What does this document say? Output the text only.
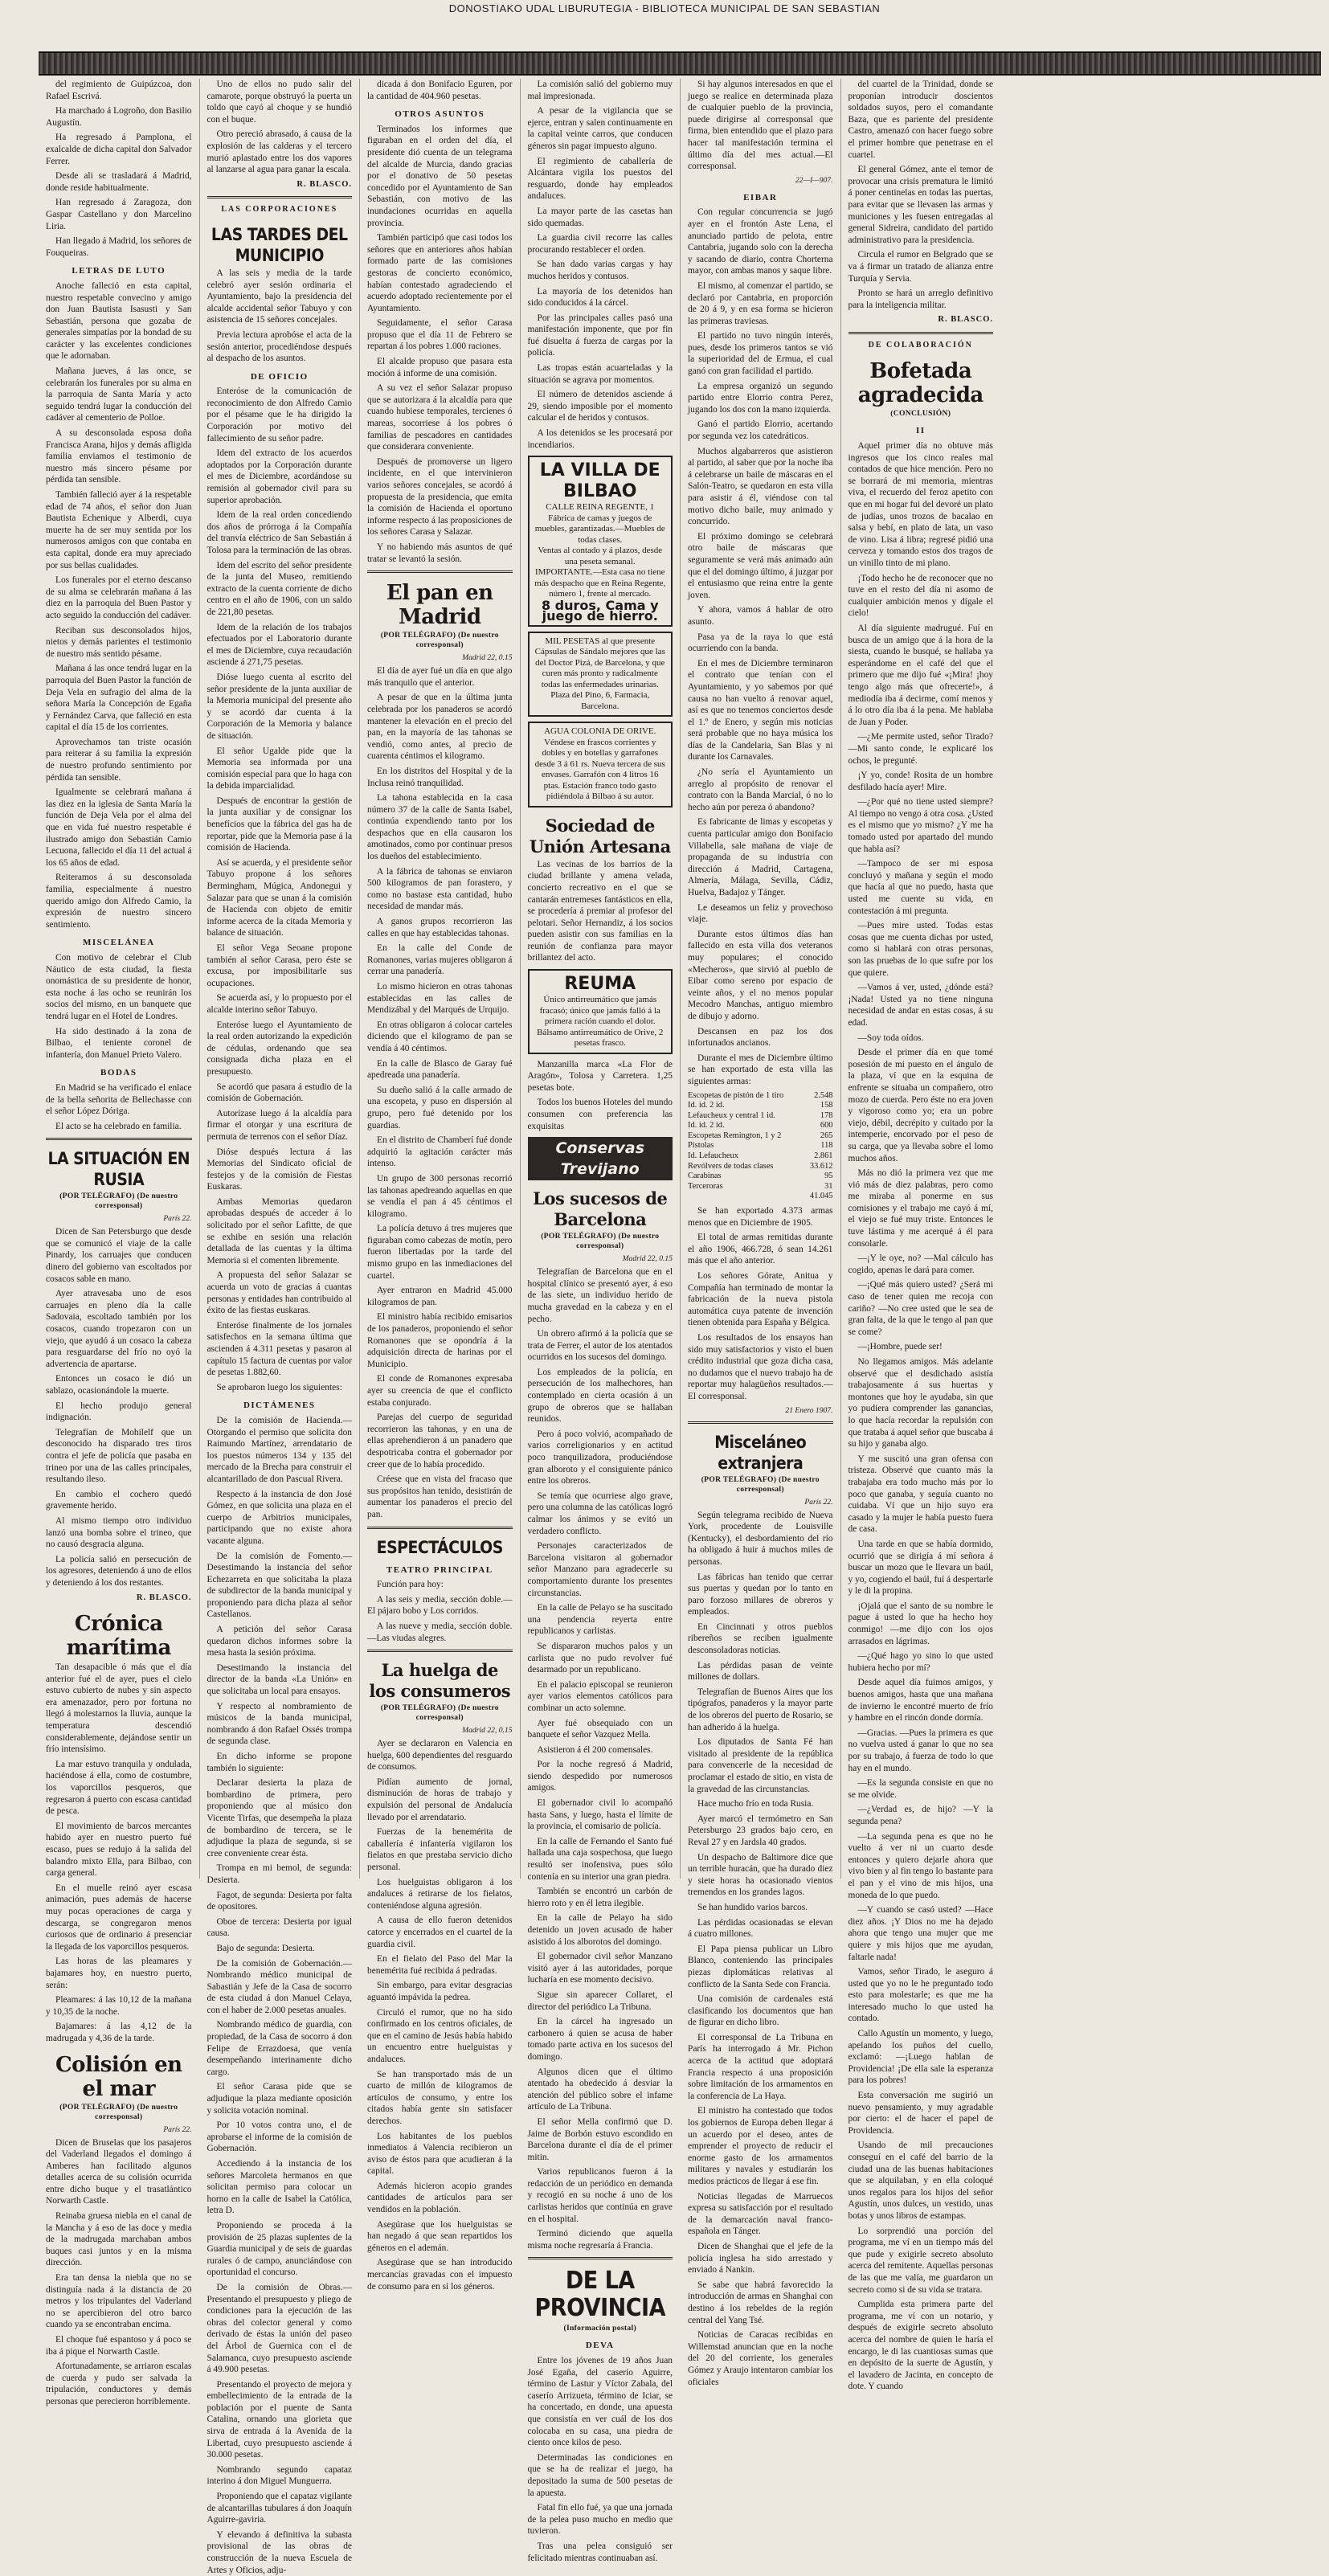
DONOSTIAKO UDAL LIBURUTEGIA - BIBLIOTECA MUNICIPAL DE SAN SEBASTIAN

del regimiento de Guipúzcoa, don Rafael Escrivá.

Ha marchado á Logroño, don Basilio Augustín.

Ha regresado á Pamplona, el exalcalde de dicha capital don Salvador Ferrer.

Desde ali se trasladará á Madrid, donde reside habitualmente.

Han regresado á Zaragoza, don Gaspar Castellano y don Marcelino Liria.

Han llegado á Madrid, los señores de Fouqueiras.

LETRAS DE LUTO

Anoche falleció en esta capital, nuestro respetable convecino y amigo don Juan Bautista Isasusti y San Sebastián, persona que gozaba de generales simpatías por la bondad de su carácter y las excelentes condiciones que le adornaban.

Mañana jueves, á las once, se celebrarán los funerales por su alma en la parroquia de Santa María y acto seguido tendrá lugar la conducción del cadáver al cementerio de Polloe.

A su desconsolada esposa doña Francisca Arana, hijos y demás afligida familia enviamos el testimonio de nuestro más sincero pésame por pérdida tan sensible.

También falleció ayer á la respetable edad de 74 años, el señor don Juan Bautista Echenique y Alberdi, cuya muerte ha de ser muy sentida por los numerosos amigos con que contaba en esta capital, donde era muy apreciado por sus bellas cualidades.

Los funerales por el eterno descanso de su alma se celebrarán mañana á las diez en la parroquia del Buen Pastor y acto seguido la conducción del cadáver.

Reciban sus desconsolados hijos, nietos y demás parientes el testimonio de nuestro más sentido pésame.

Mañana á las once tendrá lugar en la parroquia del Buen Pastor la función de Deja Vela en sufragio del alma de la señora María la Concepción de Egaña y Fernández Carva, que falleció en esta capital el día 15 de los corrientes.

Aprovechamos tan triste ocasión para reiterar á su familia la expresión de nuestro profundo sentimiento por pérdida tan sensible.

Igualmente se celebrará mañana á las diez en la iglesia de Santa María la función de Deja Vela por el alma del que en vida fué nuestro respetable é ilustrado amigo don Sebastián Camio Lecuona, fallecido el día 11 del actual á los 65 años de edad.

Reiteramos á su desconsolada familia, especialmente á nuestro querido amigo don Alfredo Camio, la expresión de nuestro sincero sentimiento.

MISCELÁNEA

Con motivo de celebrar el Club Náutico de esta ciudad, la fiesta onomástica de su presidente de honor, esta noche á las ocho se reunirán los socios del mismo, en un banquete que tendrá lugar en el Hotel de Londres.

Ha sido destinado á la zona de Bilbao, el teniente coronel de infantería, don Manuel Prieto Valero.

BODAS

En Madrid se ha verificado el enlace de la bella señorita de Bellechasse con el señor López Dóriga.

El acto se ha celebrado en familia.

LA SITUACIÓN EN RUSIA
(POR TELÉGRAFO) (De nuestro corresponsal)
París 22.

Dicen de San Petersburgo que desde que se comunicó el viaje de la calle Pinardy, los carruajes que conducen dinero del gobierno van escoltados por cosacos sable en mano.

Ayer atravesaba uno de esos carruajes en pleno día la calle Sadovaia, escoltado también por los cosacos, cuando tropezaron con un viejo, que ayudó á un cosaco la cabeza para resguardarse del frío no oyó la advertencia de apartarse.

Entonces un cosaco le dió un sablazo, ocasionándole la muerte.

El hecho produjo general indignación.

Telegrafían de Mohilelf que un desconocido ha disparado tres tiros contra el jefe de policía que pasaba en trineo por una de las calles principales, resultando ileso.

En cambio el cochero quedó gravemente herido.

Al mismo tiempo otro individuo lanzó una bomba sobre el trineo, que no causó desgracia alguna.

La policía salió en persecución de los agresores, deteniendo á uno de ellos y deteniendo á los dos restantes.

R. BLASCO.
Crónica marítima

Tan desapacible ó más que el día anterior fué el de ayer, pues el cielo estuvo cubierto de nubes y sin aspecto era amenazador, pero por fortuna no llegó á molestarnos la lluvia, aunque la temperatura descendió considerablemente, dejándose sentir un frío intensísimo.

La mar estuvo tranquila y ondulada, haciéndose á ella, como de costumbre, los vaporcillos pesqueros, que regresaron á puerto con escasa cantidad de pesca.

El movimiento de barcos mercantes habido ayer en nuestro puerto fué escaso, pues se redujo á la salida del balandro mixto Ella, para Bilbao, con carga general.

En el muelle reinó ayer escasa animación, pues además de hacerse muy pocas operaciones de carga y descarga, se congregaron menos curiosos que de ordinario á presenciar la llegada de los vaporcillos pesqueros.

Las horas de las pleamares y bajamares hoy, en nuestro puerto, serán:

Pleamares: á las 10,12 de la mañana y 10,35 de la noche.

Bajamares: á las 4,12 de la madrugada y 4,36 de la tarde.

Colisión en el mar
(POR TELÉGRAFO) (De nuestro corresponsal)
París 22.

Dicen de Bruselas que los pasajeros del Vaderland llegados el domingo á Amberes han facilitado algunos detalles acerca de su colisión ocurrida entre dicho buque y el trasatlántico Norwarth Castle.

Reinaba gruesa niebla en el canal de la Mancha y á eso de las doce y media de la madrugada marchaban ambos buques casi juntos y en la misma dirección.

Era tan densa la niebla que no se distinguía nada á la distancia de 20 metros y los tripulantes del Vaderland no se apercibieron del otro barco cuando ya se encontraban encima.

El choque fué espantoso y á poco se iba á pique el Norwarth Castle.

Afortunadamente, se arriaron escalas de cuerda y pudo ser salvada la tripulación, conductores y demás personas que perecieron horriblemente.

Uno de ellos no pudo salir del camarote, porque obstruyó la puerta un toldo que cayó al choque y se hundió con el buque.

Otro pereció abrasado, á causa de la explosión de las calderas y el tercero murió aplastado entre los dos vapores al lanzarse al agua para ganar la escala.

R. BLASCO.
LAS CORPORACIONES
LAS TARDES DEL MUNICIPIO

A las seis y media de la tarde celebró ayer sesión ordinaria el Ayuntamiento, bajo la presidencia del alcalde accidental señor Tabuyo y con asistencia de 15 señores concejales.

Previa lectura aprobóse el acta de la sesión anterior, procediéndose después al despacho de los asuntos.

DE OFICIO

Enteróse de la comunicación de reconocimiento de don Alfredo Camio por el pésame que le ha dirigido la Corporación por motivo del fallecimiento de su señor padre.

Idem del extracto de los acuerdos adoptados por la Corporación durante el mes de Diciembre, acordándose su remisión al gobernador civil para su superior aprobación.

Idem de la real orden concediendo dos años de prórroga á la Compañía del tranvía eléctrico de San Sebastián á Tolosa para la terminación de las obras.

Idem del escrito del señor presidente de la junta del Museo, remitiendo extracto de la cuenta corriente de dicho centro en el año de 1906, con un saldo de 221,80 pesetas.

Idem de la relación de los trabajos efectuados por el Laboratorio durante el mes de Diciembre, cuya recaudación asciende á 271,75 pesetas.

Dióse luego cuenta al escrito del señor presidente de la junta auxiliar de la Memoria municipal del presente año y se acordó dar cuenta á la Corporación de la Memoria y balance de situación.

El señor Ugalde pide que la Memoria sea informada por una comisión especial para que lo haga con la debida imparcialidad.

Después de encontrar la gestión de la junta auxiliar y de consignar los benefícios que la fábrica del gas ha de reportar, pide que la Memoria pase á la comisión de Hacienda.

Así se acuerda, y el presidente señor Tabuyo propone á los señores Bermingham, Múgica, Andonegui y Salazar para que se unan á la comisión de Hacienda con objeto de emitir informe acerca de la citada Memoria y balance de situación.

El señor Vega Seoane propone también al señor Carasa, pero éste se excusa, por imposibilitarle sus ocupaciones.

Se acuerda así, y lo propuesto por el alcalde interino señor Tabuyo.

Enteróse luego el Ayuntamiento de la real orden autorizando la expedición de cédulas, ordenando que sea consignada dicha plaza en el presupuesto.

Se acordó que pasara á estudio de la comisión de Gobernación.

Autorízase luego á la alcaldía para firmar el otorgar y una escritura de permuta de terrenos con el señor Díaz.

Dióse después lectura á las Memorias del Sindicato oficial de festejos y de la comisión de Fiestas Euskaras.

Ambas Memorias quedaron aprobadas después de acceder á lo solicitado por el señor Lafitte, de que se exhibe en sesión una relación detallada de las cuentas y la última Memoria si el comenten libremente.

A propuesta del señor Salazar se acuerda un voto de gracias á cuantas personas y entidades han contribuido al éxito de las fiestas euskaras.

Enteróse finalmente de los jornales satisfechos en la semana última que ascienden á 4.311 pesetas y pasaron al capítulo 15 factura de cuentas por valor de pesetas 1.882,60.

Se aprobaron luego los siguientes:

DICTÁMENES

De la comisión de Hacienda.—Otorgando el permiso que solicita don Raimundo Martínez, arrendatario de los puestos números 134 y 135 del mercado de la Brecha para construir el alcantarillado de don Pascual Rivera.

Respecto á la instancia de don José Gómez, en que solicita una plaza en el cuerpo de Arbitrios municipales, participando que no existe ahora vacante alguna.

De la comisión de Fomento.—Desestimando la instancia del señor Echezarreta en que solicitaba la plaza de subdirector de la banda municipal y proponiendo para dicha plaza al señor Castellanos.

A petición del señor Carasa quedaron dichos informes sobre la mesa hasta la sesión próxima.

Desestimando la instancia del director de la banda «La Unión» en que solicitaba un local para ensayos.

Y respecto al nombramiento de músicos de la banda municipal, nombrando á don Rafael Ossés trompa de segunda clase.

En dicho informe se propone también lo siguiente:

Declarar desierta la plaza de bombardino de primera, pero proponiendo que al músico don Vicente Tirfas, que desempeña la plaza de bombardino de tercera, se le adjudique la plaza de segunda, si se cree conveniente crear ésta.

Trompa en mi bemol, de segunda: Desierta.

Fagot, de segunda: Desierta por falta de opositores.

Oboe de tercera: Desierta por igual causa.

Bajo de segunda: Desierta.

De la comisión de Gobernación.—Nombrando médico municipal de Sabastián y Jefe de la Casa de socorro de esta ciudad á don Manuel Celaya, con el haber de 2.000 pesetas anuales.

Nombrando médico de guardia, con propiedad, de la Casa de socorro á don Felipe de Errazdoesa, que venía desempeñando interinamente dicho cargo.

El señor Carasa pide que se adjudique la plaza mediante oposición y solicita votación nominal.

Por 10 votos contra uno, el de aprobarse el informe de la comisión de Gobernación.

Accediendo á la instancia de los señores Marcoleta hermanos en que solicitan permiso para colocar un horno en la calle de Isabel la Católica, letra D.

Proponiendo se proceda á la provisión de 25 plazas suplentes de la Guardia municipal y de seis de guardas rurales ó de campo, anunciándose con oportunidad el concurso.

De la comisión de Obras.—Presentando el presupuesto y pliego de condiciones para la ejecución de las obras del colector general y como derivado de éstas la unión del paseo del Árbol de Guernica con el de Salamanca, cuyo presupuesto asciende á 49.900 pesetas.

Presentando el proyecto de mejora y embellecimiento de la entrada de la población por el puente de Santa Catalina, ornando una glorieta que sirva de entrada á la Avenida de la Libertad, cuyo presupuesto asciende á 30.000 pesetas.

Nombrando segundo capataz interino á don Miguel Munguerra.

Proponiendo que el capataz vigilante de alcantarillas tubulares á don Joaquín Aguirre-gaviria.

Y elevando á definitiva la subasta provisional de las obras de construcción de la nueva Escuela de Artes y Oficios, adju-

dicada á don Bonifacio Eguren, por la cantidad de 404.960 pesetas.

OTROS ASUNTOS

Terminados los informes que figuraban en el orden del día, el presidente dió cuenta de un telegrama del alcalde de Murcia, dando gracias por el donativo de 50 pesetas concedido por el Ayuntamiento de San Sebastián, con motivo de las inundaciones ocurridas en aquella provincia.

También participó que casi todos los señores que en anteriores años habían formado parte de las comisiones gestoras de concierto económico, habían contestado agradeciendo el acuerdo adoptado recientemente por el Ayuntamiento.

Seguidamente, el señor Carasa propuso que el día 11 de Febrero se repartan á los pobres 1.000 raciones.

El alcalde propuso que pasara esta moción á informe de una comisión.

A su vez el señor Salazar propuso que se autorizara á la alcaldía para que cuando hubiese temporales, tercienes ó mareas, socorriese á los pobres ó familias de pescadores en cantidades que considerara conveniente.

Después de promoverse un ligero incidente, en el que intervinieron varios señores concejales, se acordó á propuesta de la presidencia, que emita la comisión de Hacienda el oportuno informe respecto á las proposiciones de los señores Carasa y Salazar.

Y no habiendo más asuntos de qué tratar se levantó la sesión.

El pan en Madrid
(POR TELÉGRAFO) (De nuestro corresponsal)
Madrid 22, 0.15

El día de ayer fué un día en que algo más tranquilo que el anterior.

A pesar de que en la última junta celebrada por los panaderos se acordó mantener la elevación en el precio del pan, en la mayoría de las tahonas se vendió, como antes, al precio de cuarenta céntimos el kilogramo.

En los distritos del Hospital y de la Inclusa reinó tranquilidad.

La tahona establecida en la casa número 37 de la calle de Santa Isabel, continúa expendiendo tanto por los despachos que en ella causaron los amotinados, como por continuar presos los dueños del establecimiento.

A la fábrica de tahonas se enviaron 500 kilogramos de pan forastero, y como no bastase esta cantidad, hubo necesidad de mandar más.

A ganos grupos recorrieron las calles en que hay establecidas tahonas.

En la calle del Conde de Romanones, varias mujeres obligaron á cerrar una panadería.

Lo mismo hicieron en otras tahonas establecidas en las calles de Mendizábal y del Marqués de Urquijo.

En otras obligaron á colocar carteles diciendo que el kilogramo de pan se vendía á 40 céntimos.

En la calle de Blasco de Garay fué apedreada una panadería.

Su dueño salió á la calle armado de una escopeta, y puso en dispersión al grupo, pero fué detenido por los guardias.

En el distrito de Chamberí fué donde adquirió la agitación carácter más intenso.

Un grupo de 300 personas recorrió las tahonas apedreando aquellas en que se vendía el pan á 45 céntimos el kilogramo.

La policía detuvo á tres mujeres que figuraban como cabezas de motín, pero fueron libertadas por la tarde del mismo grupo en las inmediaciones del cuartel.

Ayer entraron en Madrid 45.000 kilogramos de pan.

El ministro había recibido emisarios de los panaderos, proponiendo el señor Romanones que se opondría á la adquisición directa de harinas por el Municipio.

El conde de Romanones expresaba ayer su creencia de que el conflicto estaba conjurado.

Parejas del cuerpo de seguridad recorrieron las tahonas, y en una de ellas aprehendieron á un panadero que despotricaba contra el gobernador por creer que de lo había procedido.

Créese que en vista del fracaso que sus propósitos han tenido, desistirán de aumentar los panaderos el precio del pan.

ESPECTÁCULOS
TEATRO PRINCIPAL

Función para hoy:

A las seis y media, sección doble.—El pájaro bobo y Los corridos.

A las nueve y media, sección doble.—Las viudas alegres.

La huelga de los consumeros
(POR TELÉGRAFO) (De nuestro corresponsal)
Madrid 22, 0.15

Ayer se declararon en Valencia en huelga, 600 dependientes del resguardo de consumos.

Pidían aumento de jornal, disminución de horas de trabajo y expulsión del personal de Andalucía llevado por el arrendatario.

Fuerzas de la benemérita de caballería é infantería vigilaron los fielatos en que prestaba servicio dicho personal.

Los huelguistas obligaron á los andaluces á retirarse de los fielatos, conteniéndose alguna agresión.

A causa de ello fueron detenidos catorce y encerrados en el cuartel de la guardia civil.

En el fielato del Paso del Mar la benemérita fué recibida á pedradas.

Sin embargo, para evitar desgracias aguantó impávida la pedrea.

Circuló el rumor, que no ha sido confirmado en los centros oficiales, de que en el camino de Jesús había habido un encuentro entre huelguistas y andaluces.

Se han transportado más de un cuarto de millón de kilogramos de artículos de consumo, y entre los citados había gente sin satisfacer derechos.

Los habitantes de los pueblos inmediatos á Valencia recibieron un aviso de éstos para que acudieran á la capital.

Además hicieron acopio grandes cantidades de artículos para ser vendidos en la población.

Asegúrase que los huelguistas se han negado á que sean repartidos los géneros en el ademán.

Asegúrase que se han introducido mercancías gravadas con el impuesto de consumo para en sí los géneros.

La comisión salió del gobierno muy mal impresionada.

A pesar de la vigilancia que se ejerce, entran y salen continuamente en la capital veinte carros, que conducen géneros sin pagar impuesto alguno.

El regimiento de caballería de Alcántara vigila los puestos del resguardo, donde hay empleados andaluces.

La mayor parte de las casetas han sido quemadas.

La guardia civil recorre las calles procurando restablecer el orden.

Se han dado varias cargas y hay muchos heridos y contusos.

La mayoría de los detenidos han sido conducidos á la cárcel.

Por las principales calles pasó una manifestación imponente, que por fin fué disuelta á fuerza de cargas por la policía.

Las tropas están acuarteladas y la situación se agrava por momentos.

El número de detenidos asciende á 29, siendo imposible por el momento calcular el de heridos y contusos.

A los detenidos se les procesará por incendiarios.

LA VILLA DE BILBAO
CALLE REINA REGENTE, 1
Fábrica de camas y juegos de muebles, garantizadas.—Muebles de todas clases.
Ventas al contado y á plazos, desde una peseta semanal.
IMPORTANTE.—Esta casa no tiene más despacho que en Reina Regente, número 1, frente al mercado.
8 duros, Cama y juego de hierro.
MIL PESETAS al que presente Cápsulas de Sándalo mejores que las del Doctor Pizá, de Barcelona, y que curen más pronto y radicalmente todas las enfermedades urinarias.
Plaza del Pino, 6, Farmacia, Barcelona.
AGUA COLONIA DE ORIVE. Véndese en frascos corrientes y dobles y en botellas y garrafones desde 3 á 61 rs. Nueva tercera de sus envases. Garrafón con 4 litros 16 ptas. Estación franco todo gasto pidiéndola á Bilbao á su autor.
Sociedad de Unión Artesana

Las vecinas de los barrios de la ciudad brillante y amena velada, concierto recreativo en el que se cantarán entremeses fantásticos en ella, se procedería á premiar al profesor del pelotari. Señor Hernandiz, á los socios pueden asistir con sus familias en la reunión de confianza para mayor brillantez del acto.

REUMA
Único antirreumático que jamás fracasó; único que jamás falló á la primera ración cuando el dolor. Bálsamo antirreumático de Orive, 2 pesetas frasco.

Manzanilla marca «La Flor de Aragón», Tolosa y Carretera. 1,25 pesetas bote.

Todos los buenos Hoteles del mundo consumen con preferencia las exquisitas

Conservas Trevijano
Los sucesos de Barcelona
(POR TELÉGRAFO) (De nuestro corresponsal)
Madrid 22, 0.15

Telegrafían de Barcelona que en el hospital clínico se presentó ayer, á eso de las siete, un individuo herido de mucha gravedad en la cabeza y en el pecho.

Un obrero afirmó á la policía que se trata de Ferrer, el autor de los atentados ocurridos en los sucesos del domingo.

Los empleados de la policía, en persecución de los malhechores, han contemplado en cierta ocasión á un grupo de obreros que se hallaban reunidos.

Pero á poco volvió, acompañado de varios correligionarios y en actitud poco tranquilizadora, produciéndose gran alboroto y el consiguiente pánico entre los obreros.

Se temía que ocurriese algo grave, pero una columna de las católicas logró calmar los ánimos y se evitó un verdadero conflicto.

Personajes caracterizados de Barcelona visitaron al gobernador señor Manzano para agradecerle su comportamiento durante los presentes circunstancias.

En la calle de Pelayo se ha suscitado una pendencia reyerta entre republicanos y carlistas.

Se dispararon muchos palos y un carlista que no pudo revolver fué desarmado por un republicano.

En el palacio episcopal se reunieron ayer varios elementos católicos para combinar un acto solemne.

Ayer fué obsequiado con un banquete el señor Vazquez Mella.

Asistieron á él 200 comensales.

Por la noche regresó á Madrid, siendo despedido por numerosos amigos.

El gobernador civil lo acompañó hasta Sans, y luego, hasta el límite de la provincia, el comisario de policía.

En la calle de Fernando el Santo fué hallada una caja sospechosa, que luego resultó ser inofensiva, pues sólo contenía en su interior una gran piedra.

También se encontró un carbón de hierro roto y en él letra ilegible.

En la calle de Pelayo ha sido detenido un joven acusado de haber asistido á los alborotos del domingo.

El gobernador civil señor Manzano visitó ayer á las autoridades, porque lucharía en ese momento decisivo.

Sigue sin aparecer Collaret, el director del periódico La Tribuna.

En la cárcel ha ingresado un carbonero á quien se acusa de haber tomado parte activa en los sucesos del domingo.

Algunos dicen que el último atentado ha obedecido á desviar la atención del público sobre el infame artículo de La Tribuna.

El señor Mella confirmó que D. Jaime de Borbón estuvo escondido en Barcelona durante el día de el primer mitin.

Varios republicanos fueron á la redacción de un periódico en demanda y recogió en su noche á uno de los carlistas heridos que continúa en grave en el hospital.

Terminó diciendo que aquella misma noche regresaría á Francia.

DE LA PROVINCIA
(Información postal)
DEVA

Entre los jóvenes de 19 años Juan José Egaña, del caserío Aguirre, término de Lastur y Víctor Zabala, del caserío Arrizueta, término de Iciar, se ha concertado, en donde, una apuesta que consistía en ver cuál de los dos colocaba en su casa, una piedra de ciento once kilos de peso.

Determinadas las condiciones en que se ha de realizar el juego, ha depositado la suma de 500 pesetas de la apuesta.

Fatal fin ello fué, ya que una jornada de la pelea puso mucho en medio que tuvieron.

Tras una pelea consiguió ser felicitado mientras continuaban así.

Si hay algunos interesados en que el juego se realice en determinada plaza de cualquier pueblo de la provincia, puede dirigirse al corresponsal que firma, bien entendido que el plazo para hacer tal manifestación termina el último día del mes actual.—El corresponsal.

22—I—907.
EIBAR

Con regular concurrencia se jugó ayer en el frontón Aste Lena, el anunciado partido de pelota, entre Cantabria, jugando solo con la derecha y sacando de diario, contra Chorterna mayor, con ambas manos y saque libre.

El mismo, al comenzar el partido, se declaró por Cantabria, en proporción de 20 á 9, y en esa forma se hicieron las primeras traviesas.

El partido no tuvo ningún interés, pues, desde los primeros tantos se vió la superioridad del de Ermua, el cual ganó con gran facilidad el partido.

La empresa organizó un segundo partido entre Elorrio contra Perez, jugando los dos con la mano izquierda.

Ganó el partido Elorrio, acertando por segunda vez los catedráticos.

Muchos algabarreros que asistieron al partido, al saber que por la noche iba á celebrarse un baile de máscaras en el Salón-Teatro, se quedaron en esta villa para asistir á él, viéndose con tal motivo dicho baile, muy animado y concurrido.

El próximo domingo se celebrará otro baile de máscaras que seguramente se verá más animado aún que el del domingo último, á juzgar por el entusiasmo que reina entre la gente joven.

Y ahora, vamos á hablar de otro asunto.

Pasa ya de la raya lo que está ocurriendo con la banda.

En el mes de Diciembre terminaron el contrato que tenían con el Ayuntamiento, y yo sabemos por qué causa no han vuelto á renovar aquel, así es que no tenemos conciertos desde el 1.º de Enero, y según mis noticias será probable que no haya música los días de la Candelaria, San Blas y ni durante los Carnavales.

¿No sería el Ayuntamiento un arreglo al propósito de renovar el contrato con la Banda Marcial, ó no lo hecho aún por pereza ó abandono?

Es fabricante de limas y escopetas y cuenta particular amigo don Bonifacio Villabella, sale mañana de viaje de propaganda de su industria con dirección á Madrid, Cartagena, Almería, Málaga, Sevilla, Cádiz, Huelva, Badajoz y Tánger.

Le deseamos un feliz y provechoso viaje.

Durante estos últimos días han fallecido en esta villa dos veteranos muy populares; el conocido «Mecheros», que sirvió al pueblo de Eibar como sereno por espacio de veinte años, y el no menos popular Mecodro Manchas, antiguo miembro de dibujo y adorno.

Descansen en paz los dos infortunados ancianos.

Durante el mes de Diciembre último se han exportado de esta villa las siguientes armas:

Escopetas de pistón de 1 tiro	2.548
Id. id. 2 id.	158
Lefaucheux y central 1 id.	178
Id. id. 2 id.	600
Escopetas Remington, 1 y 2	265
Pistolas	118
Id. Lefaucheux	2.861
Revólvers de todas clases	33.612
Carabinas	95
Terceroras	31
	41.045

Se han exportado 4.373 armas menos que en Diciembre de 1905.

El total de armas remitidas durante el año 1906, 466.728, ó sean 14.261 más que el año anterior.

Los señores Górate, Anitua y Compañía han terminado de montar la fabricación de la nueva pistola automática cuya patente de invención tienen obtenida para España y Bélgica.

Los resultados de los ensayos han sido muy satisfactorios y visto el buen crédito industrial que goza dicha casa, no dudamos que el nuevo trabajo ha de reportar muy halagüeños resultados.—El corresponsal.

21 Enero 1907.
Misceláneo extranjera
(POR TELÉGRAFO) (De nuestro corresponsal)
París 22.

Según telegrama recibido de Nueva York, procedente de Louisville (Kentucky), el desbordamiento del río ha obligado á huir á muchos miles de personas.

Las fábricas han tenido que cerrar sus puertas y quedan por lo tanto en paro forzoso millares de obreros y empleados.

En Cincinnati y otros pueblos ribereños se reciben igualmente desconsoladoras noticias.

Las pérdidas pasan de veinte millones de dollars.

Telegrafían de Buenos Aires que los tipógrafos, panaderos y la mayor parte de los obreros del puerto de Rosario, se han adherido á la huelga.

Los diputados de Santa Fé han visitado al presidente de la república para convencerle de la necesidad de proclamar el estado de sitio, en vista de la gravedad de las circunstancias.

Hace mucho frío en toda Rusia.

Ayer marcó el termómetro en San Petersburgo 23 grados bajo cero, en Reval 27 y en Jardsla 40 grados.

Un despacho de Baltimore dice que un terrible huracán, que ha durado diez y siete horas ha ocasionado vientos tremendos en los grandes lagos.

Se han hundido varios barcos.

Las pérdidas ocasionadas se elevan á cuatro millones.

El Papa piensa publicar un Libro Blanco, conteniendo las principales piezas diplomáticas relativas al conflicto de la Santa Sede con Francia.

Una comisión de cardenales está clasificando los documentos que han de figurar en dicho libro.

El corresponsal de La Tribuna en París ha interrogado á Mr. Pichon acerca de la actitud que adoptará Francia respecto á una proposición sobre limitación de los armamentos en la conferencia de La Haya.

El ministro ha contestado que todos los gobiernos de Europa deben llegar á un acuerdo por el deseo, antes de emprender el proyecto de reducir el enorme gasto de los armamentos militares y navales y estudiarán los medios prácticos de llegar á ese fin.

Noticias llegadas de Marruecos expresa su satisfacción por el resultado de la demarcación naval franco-española en Tánger.

Dicen de Shanghai que el jefe de la policía inglesa ha sido arrestado y enviado á Nankin.

Se sabe que habrá favorecido la introducción de armas en Shanghai con destino á los rebeldes de la región central del Yang Tsé.

Noticias de Caracas recibidas en Willemstad anuncian que en la noche del 20 del corriente, los generales Gómez y Araujo intentaron cambiar los oficiales

del cuartel de la Trinidad, donde se proponían introducir doscientos soldados suyos, pero el comandante Baza, que es pariente del presidente Castro, amenazó con hacer fuego sobre el primer hombre que penetrase en el cuartel.

El general Gómez, ante el temor de provocar una crisis prematura le limitó á poner centinelas en todas las puertas, para evitar que se llevasen las armas y municiones y les fuesen entregadas al general Sidreira, candidato del partido administrativo para la presidencia.

Circula el rumor en Belgrado que se va á firmar un tratado de alianza entre Turquía y Servia.

Pronto se hará un arreglo definitivo para la inteligencia militar.

R. BLASCO.
DE COLABORACIÓN
Bofetada agradecida
(CONCLUSIÓN)
II

Aquel primer día no obtuve más ingresos que los cinco reales mal contados de que hice mención. Pero no se borrará de mi memoria, mientras viva, el recuerdo del feroz apetito con que en mi hogar fui del devoré un plato de judías, unos trozos de bacalao en salsa y bebí, en plato de lata, un vaso de vino. Lisa á libra; regresé pidió una cerveza y tomando estos dos tragos de un vinillo tinto de mi plano.

¡Todo hecho he de reconocer que no tuve en el resto del día ni asomo de cualquier ambición menos y dígale el cielo!

Al día siguiente madrugué. Fuí en busca de un amigo que á la hora de la siesta, cuando le busqué, se hallaba ya esperándome en el café del que el primero que me dijo fué «¡Mira! ¡hoy tengo algo más que ofrecerte!», á mediodía iba á decirme, comí menos y á lo otro día iba á la pena. Me hablaba de Juan y Poder.

—¿Me permite usted, señor Tirado? —Mi santo conde, le explicaré los ochos, le pregunté.

¡Y yo, conde! Rosita de un hombre desfilado hacía ayer! Mire.

—¿Por qué no tiene usted siempre? Al tiempo no vengo á otra cosa. ¿Usted es el mismo que yo mismo? ¿Y me ha tomado usted por apartado del mundo que habla así?

—Tampoco de ser mi esposa concluyó y mañana y según el modo que hacía al que no puedo, hasta que usted me cuente su vida, en contestación á mi pregunta.

—Pues mire usted. Todas estas cosas que me cuenta dichas por usted, como si hablará con otras personas, son las pruebas de lo que sufre por los que quiere.

—Vamos á ver, usted, ¿dónde está? ¡Nada! Usted ya no tiene ninguna necesidad de andar en estas cosas, á su edad.

—Soy toda oídos.

Desde el primer día en que tomé posesión de mi puesto en el ángulo de la plaza, ví que en la esquina de enfrente se situaba un compañero, otro mozo de cuerda. Pero éste no era joven y vigoroso como yo; era un pobre viejo, débil, decrépito y cuitado por la intemperie, encorvado por el peso de su carga, que ya llevaba sobre el lomo muchos años.

Más no dió la primera vez que me vió más de diez palabras, pero como me miraba al ponerme en sus comisiones y el trabajo me cayó á mí, el viejo se fué muy triste. Entonces le tuve lástima y me acerqué á él para consolarle.

—¡Y le oye, no? —Mal cálculo has cogido, apenas le dará para comer.

—¡Qué más quiero usted? ¿Será mi caso de tener quien me recoja con cariño? —No cree usted que le sea de gran falta, de la que le tengo al pan que se come?

—¡Hombre, puede ser!

No llegamos amigos. Más adelante observé que el desdichado asistía trabajosamente á sus huertas y montones que hoy le ayudaba, sin que yo pudiera comprender las ganancias, lo que hacía recordar la repulsión con que trataba á aquel señor que buscaba á su hijo y ganaba algo.

Y me suscitó una gran ofensa con tristeza. Observé que cuanto más la trabajaba era todo mucho más por lo poco que ganaba, y seguía cuanto no cuidaba. Ví que un hijo suyo era casado y la mujer le había puesto fuera de casa.

Una tarde en que se había dormido, ocurrió que se dirigía á mí señora á buscar un mozo que le llevara un baúl, y yo, cogiendo el baúl, fuí á despertarle y le di la propina.

¡Ojalá que el santo de su nombre le pague á usted lo que ha hecho hoy conmigo! —me dijo con los ojos arrasados en lágrimas.

—¿Qué hago yo sino lo que usted hubiera hecho por mí?

Desde aquel día fuimos amigos, y buenos amigos, hasta que una mañana de invierno le encontré muerto de frío y hambre en el rincón donde dormía.

—Gracias. —Pues la primera es que no vuelva usted á ganar lo que no sea por su trabajo, á fuerza de todo lo que hay en el mundo.

—Es la segunda consiste en que no se me olvide.

—¿Verdad es, de hijo? —Y la segunda pena?

—La segunda pena es que no he vuelto á ver ni un cuarto desde entonces y quiero dejarle ahora que vivo bien y al fin tengo lo bastante para el pan y el vino de mis hijos, una moneda de lo que puedo.

—Y cuando se casó usted? —Hace diez años. ¡Y Dios no me ha dejado ahora que tengo una mujer que me quiere y mis hijos que me ayudan, faltarle nada!

Vamos, señor Tirado, le aseguro á usted que yo no le he preguntado todo esto para molestarle; es que me ha interesado mucho lo que usted ha contado.

Callo Agustín un momento, y luego, apelando los puños del cuello, exclamó: —¡Luego hablan de Providencia! ¡De ella sale la esperanza para los pobres!

Esta conversación me sugirió un nuevo pensamiento, y muy agradable por cierto: el de hacer el papel de Providencia.

Usando de mil precauciones conseguí en el café del barrio de la ciudad una de las buenas habitaciones que se alquilaban, y en ella coloqué unos regalos para los hijos del señor Agustín, unos dulces, un vestido, unas botas y unos libros de estampas.

Lo sorprendió una porción del programa, me ví en un tiempo más del que pude y exigirle secreto absoluto acerca del remitente. Aquellas personas de las que me valía, me guardaron un secreto como si de su vida se tratara.

Cumplida esta primera parte del programa, me ví con un notario, y después de exigirle secreto absoluto acerca del nombre de quien le haría el encargo, le di las cuantiosas sumas que en depósito de la suerte de Agustín, y el lavadero de Jacinta, en concepto de dote. Y cuando
